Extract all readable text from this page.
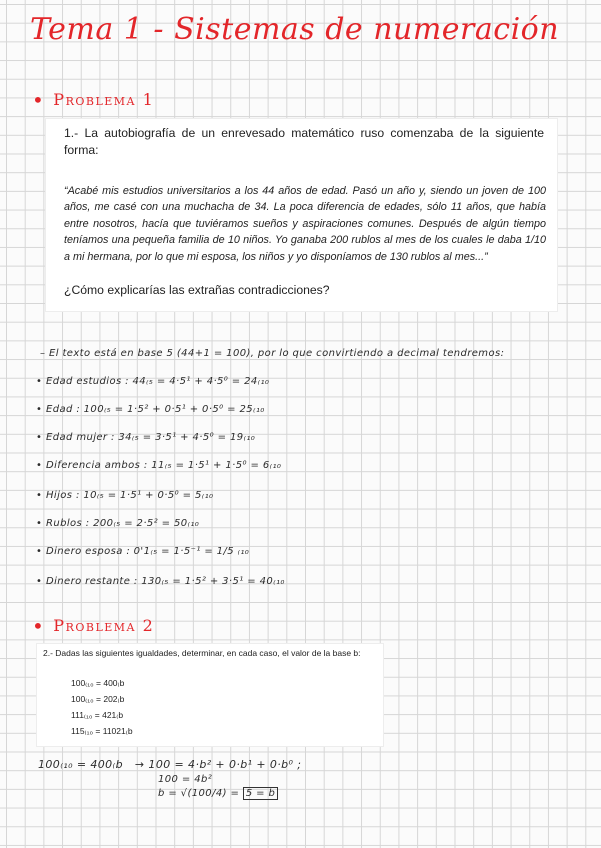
Tema 1 - Sistemas de numeración
• Problema 1
1.- La autobiografía de un enrevesado matemático ruso comenzaba de la siguiente forma:
“Acabé mis estudios universitarios a los 44 años de edad. Pasó un año y, siendo un joven de 100 años, me casé con una muchacha de 34. La poca diferencia de edades, sólo 11 años, que había entre nosotros, hacía que tuviéramos sueños y aspiraciones comunes. Después de algún tiempo teníamos una pequeña familia de 10 niños. Yo ganaba 200 rublos al mes de los cuales le daba 1/10 a mi hermana, por lo que mi esposa, los niños y yo disponíamos de 130 rublos al mes...”
¿Cómo explicarías las extrañas contradicciones?
– El texto está en base 5 (44+1 = 100), por lo que convirtiendo a decimal tendremos:
• Edad estudios : 44₍₅ = 4·5¹ + 4·5⁰ = 24₍₁₀
• Edad : 100₍₅ = 1·5² + 0·5¹ + 0·5⁰ = 25₍₁₀
• Edad mujer : 34₍₅ = 3·5¹ + 4·5⁰ = 19₍₁₀
• Diferencia ambos : 11₍₅ = 1·5¹ + 1·5⁰ = 6₍₁₀
• Hijos : 10₍₅ = 1·5¹ + 0·5⁰ = 5₍₁₀
• Rublos : 200₍₅ = 2·5² = 50₍₁₀
• Dinero esposa : 0'1₍₅ = 1·5⁻¹ = 1/5 ₍₁₀
• Dinero restante : 130₍₅ = 1·5² + 3·5¹ = 40₍₁₀
• Problema 2
2.- Dadas las siguientes igualdades, determinar, en cada caso, el valor de la base b:
100₍₁₀ = 400₍b
100₍₁₀ = 202₍b
111₍₁₀ = 421₍b
115₍₁₀ = 11021₍b
100₍₁₀ = 400₍b → 100 = 4·b² + 0·b¹ + 0·b⁰ ;
100 = 4b²
b = √(100/4) = 5 = b
